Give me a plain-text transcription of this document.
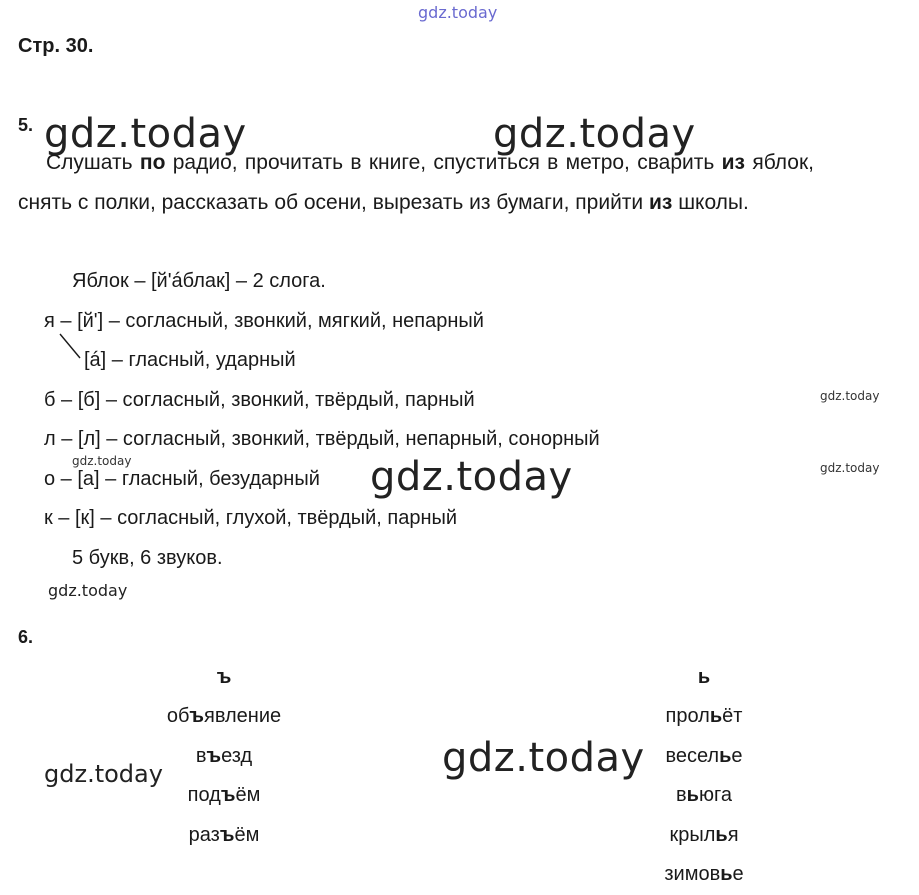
gdz.today
gdz.today	gdz.today
gdz.today
gdz.today
gdz.today
gdz.today
gdz.today
gdz.today
gdz.today
Стр. 30.
5.
Слушать по радио, прочитать в книге, спуститься в метро, сварить из яблок,
снять с полки, рассказать об осени, вырезать из бумаги, прийти из школы.
Яблок – [й'áблак] – 2 слога.
я – [й'] – согласный, звонкий, мягкий, непарный
[á] – гласный, ударный
б – [б] – согласный, звонкий, твёрдый, парный
л – [л] – согласный, звонкий, твёрдый, непарный, сонорный
о – [а] – гласный, безударный
к – [к] – согласный, глухой, твёрдый, парный
5 букв, 6 звуков.
6.
ъ
объявление
въезд
подъём
разъём
ь
прольёт
веселье
вьюга
крылья
зимовье
